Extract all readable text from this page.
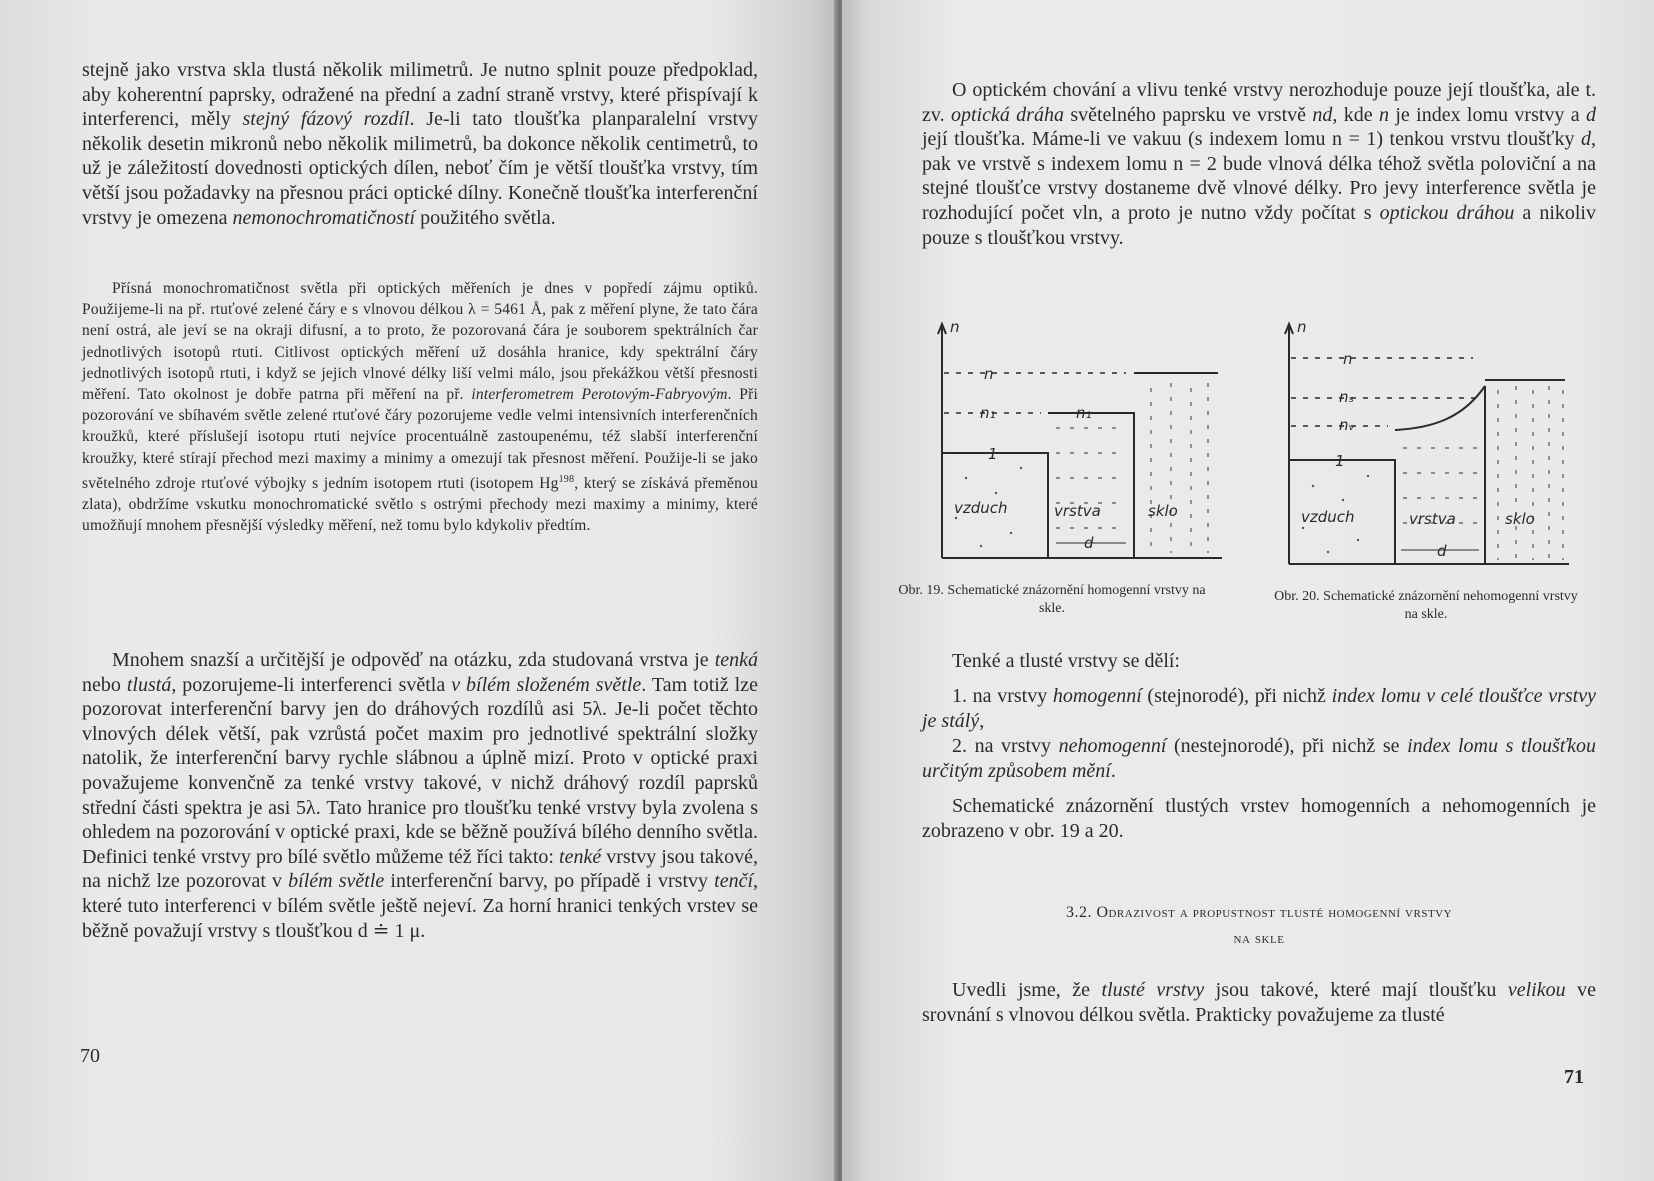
stejně jako vrstva skla tlustá několik milimetrů. Je nutno splnit pouze předpoklad, aby koherentní paprsky, odražené na přední a zadní straně vrstvy, které přispívají k interferenci, měly stejný fázový rozdíl. Je-li tato tloušťka planparalelní vrstvy několik desetin mikronů nebo několik milimetrů, ba dokonce několik centimetrů, to už je záležitostí dovednosti optických dílen, neboť čím je větší tloušťka vrstvy, tím větší jsou požadavky na přesnou práci optické dílny. Konečně tloušťka interferenční vrstvy je omezena nemonochromatičností použitého světla.
Přísná monochromatičnost světla při optických měřeních je dnes v popředí zájmu optiků. Použijeme-li na př. rtuťové zelené čáry e s vlnovou délkou λ = 5461 Å, pak z měření plyne, že tato čára není ostrá, ale jeví se na okraji difusní, a to proto, že pozorovaná čára je souborem spektrálních čar jednotlivých isotopů rtuti. Citlivost optických měření už dosáhla hranice, kdy spektrální čáry jednotlivých isotopů rtuti, i když se jejich vlnové délky liší velmi málo, jsou překážkou větší přesnosti měření. Tato okolnost je dobře patrna při měření na př. interferometrem Perotovým-Fabryovým. Při pozorování ve sbíhavém světle zelené rtuťové čáry pozorujeme vedle velmi intensivních interferenčních kroužků, které příslušejí isotopu rtuti nejvíce procentuálně zastoupenému, též slabší interferenční kroužky, které stírají přechod mezi maximy a minimy a omezují tak přesnost měření. Použije-li se jako světelného zdroje rtuťové výbojky s jedním isotopem rtuti (isotopem Hg$^{198}$, který se získává přeměnou zlata), obdržíme vskutku monochromatické světlo s ostrými přechody mezi maximy a minimy, které umožňují mnohem přesnější výsledky měření, než tomu bylo kdykoliv předtím.
Mnohem snazší a určitější je odpověď na otázku, zda studovaná vrstva je tenká nebo tlustá, pozorujeme-li interferenci světla v bílém složeném světle. Tam totiž lze pozorovat interferenční barvy jen do dráhových rozdílů asi 5λ. Je-li počet těchto vlnových délek větší, pak vzrůstá počet maxim pro jednotlivé spektrální složky natolik, že interferenční barvy rychle slábnou a úplně mizí. Proto v optické praxi považujeme konvenčně za tenké vrstvy takové, v nichž dráhový rozdíl paprsků střední části spektra je asi 5λ. Tato hranice pro tloušťku tenké vrstvy byla zvolena s ohledem na pozorování v optické praxi, kde se běžně používá bílého denního světla. Definici tenké vrstvy pro bílé světlo můžeme též říci takto: tenké vrstvy jsou takové, na nichž lze pozorovat v bílém světle interferenční barvy, po případě i vrstvy tenčí, které tuto interferenci v bílém světle ještě nejeví. Za horní hranici tenkých vrstev se běžně považují vrstvy s tloušťkou d ≐ 1 μ.
70
O optickém chování a vlivu tenké vrstvy nerozhoduje pouze její tloušťka, ale t. zv. optická dráha světelného paprsku ve vrstvě nd, kde n je index lomu vrstvy a d její tloušťka. Máme-li ve vakuu (s indexem lomu n = 1) tenkou vrstvu tloušťky d, pak ve vrstvě s indexem lomu n = 2 bude vlnová délka téhož světla poloviční a na stejné tloušťce vrstvy dostaneme dvě vlnové délky. Pro jevy interference světla je rozhodující počet vln, a proto je nutno vždy počítat s optickou dráhou a nikoliv pouze s tloušťkou vrstvy.
n
n
n₁	n₁
1
vzduch	vrstva	sklo
d
Obr. 19. Schematické znázornění homogenní vrstvy na skle.
n
n
nₛ
nᵥ
1
vzduch	vrstva	sklo
d
Obr. 20. Schematické znázornění nehomogenní vrstvy na skle.

Tenké a tlusté vrstvy se dělí:

1. na vrstvy homogenní (stejnorodé), při nichž index lomu v celé tloušťce vrstvy je stálý,
2. na vrstvy nehomogenní (nestejnorodé), při nichž se index lomu s tloušťkou určitým způsobem mění.

Schematické znázornění tlustých vrstev homogenních a nehomogenních je zobrazeno v obr. 19 a 20.

3.2. Odrazivost a propustnost tlusté homogenní vrstvy
na skle
Uvedli jsme, že tlusté vrstvy jsou takové, které mají tloušťku velikou ve srovnání s vlnovou délkou světla. Prakticky považujeme za tlusté
71
